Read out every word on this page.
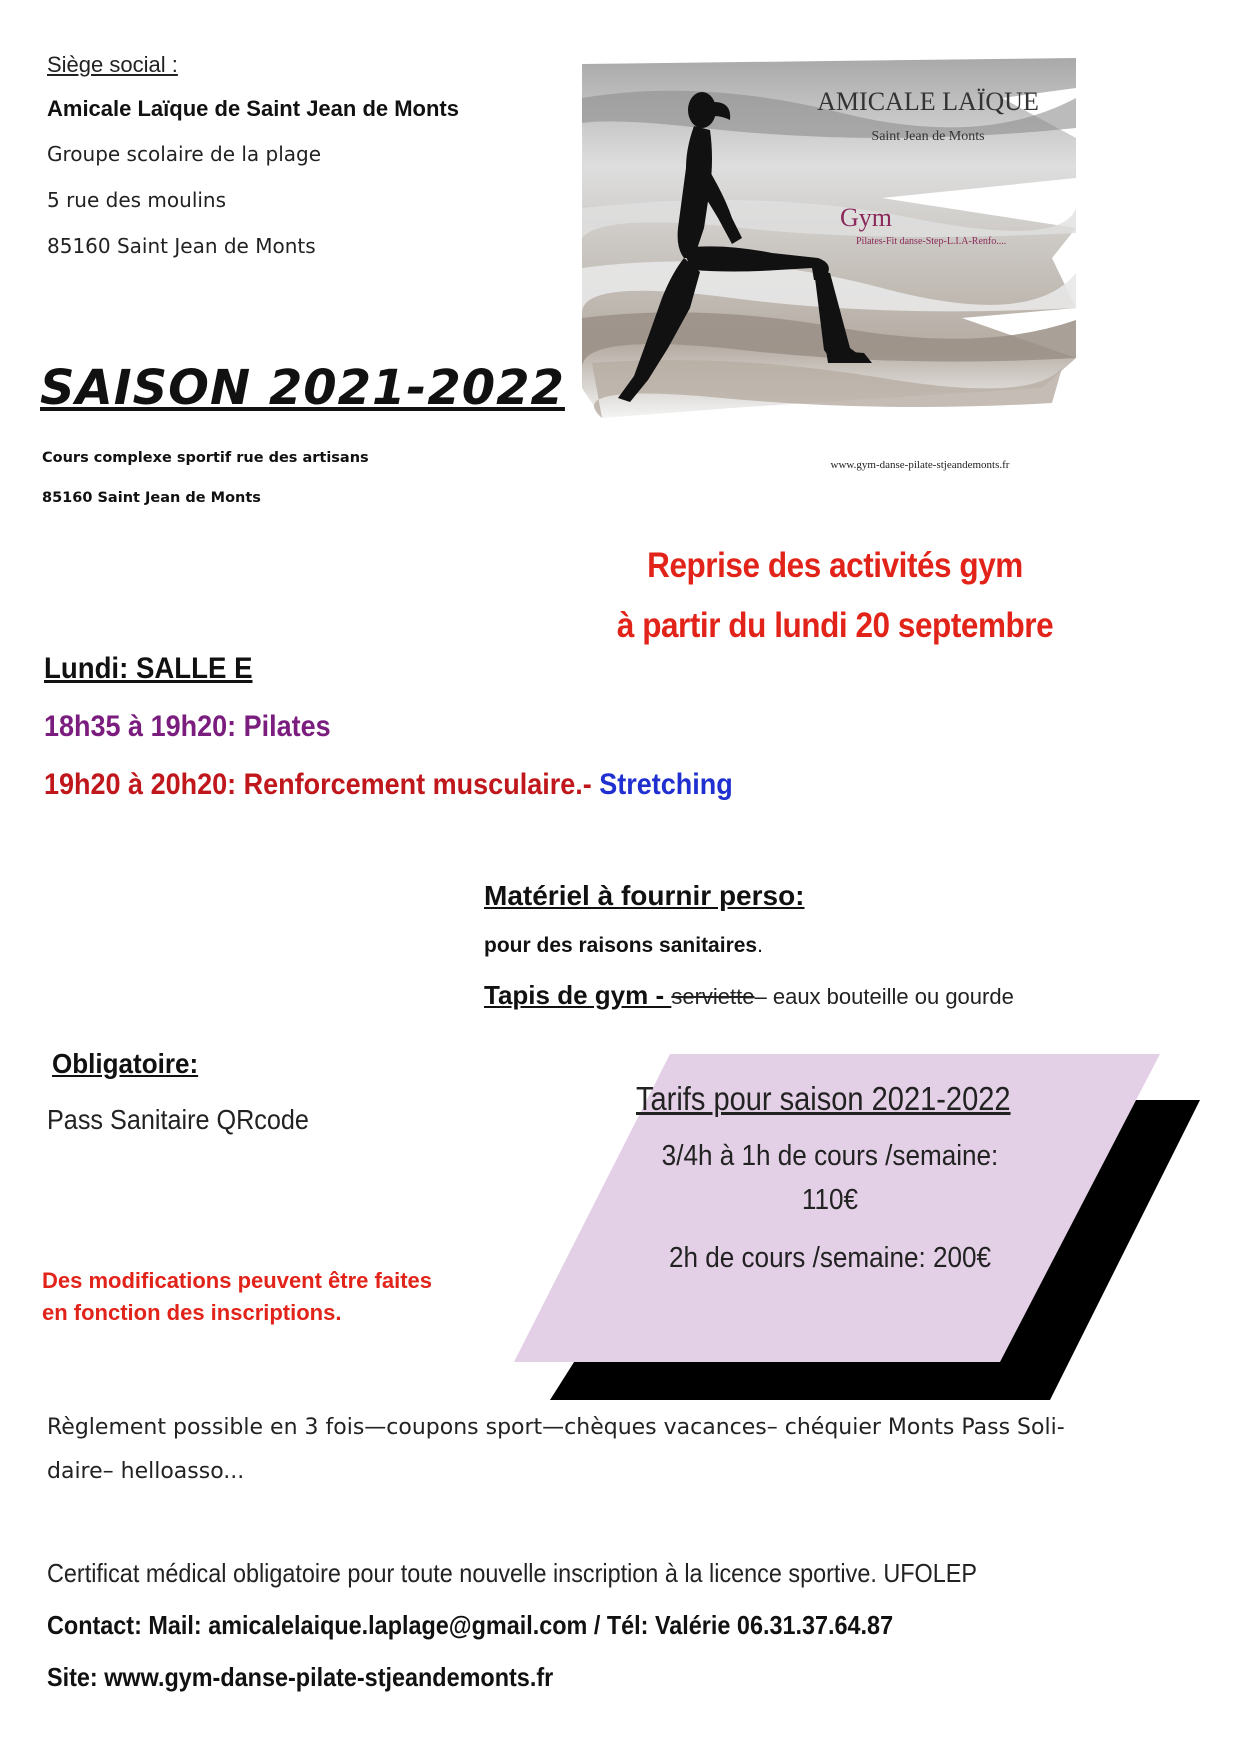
Siège social :
Amicale Laïque de Saint Jean de Monts
Groupe scolaire de la plage
5 rue des moulins
85160 Saint Jean de Monts
SAISON 2021-2022
Cours complexe sportif rue des artisans
85160 Saint Jean de Monts
AMICALE LAÏQUE
Saint Jean de Monts
Gym
Pilates-Fit danse-Step-L.I.A-Renfo....
www.gym-danse-pilate-stjeandemonts.fr
Reprise des activités gym
à partir du lundi 20 septembre
Lundi: SALLE E
18h35 à 19h20: Pilates
19h20 à 20h20: Renforcement musculaire.- Stretching
Matériel à fournir perso:
pour des raisons sanitaires.
Tapis de gym - serviette– eaux bouteille ou gourde
Obligatoire:
Pass Sanitaire QRcode
Des modifications peuvent être faites
en fonction des inscriptions.
Tarifs pour saison 2021-2022
3/4h à 1h de cours /semaine:
110€
2h de cours /semaine: 200€
Règlement possible en 3 fois—coupons sport—chèques vacances– chéquier Monts Pass Soli-
daire– helloasso...
Certificat médical obligatoire pour toute nouvelle inscription à la licence sportive. UFOLEP
Contact: Mail: amicalelaique.laplage@gmail.com / Tél: Valérie 06.31.37.64.87
Site: www.gym-danse-pilate-stjeandemonts.fr
